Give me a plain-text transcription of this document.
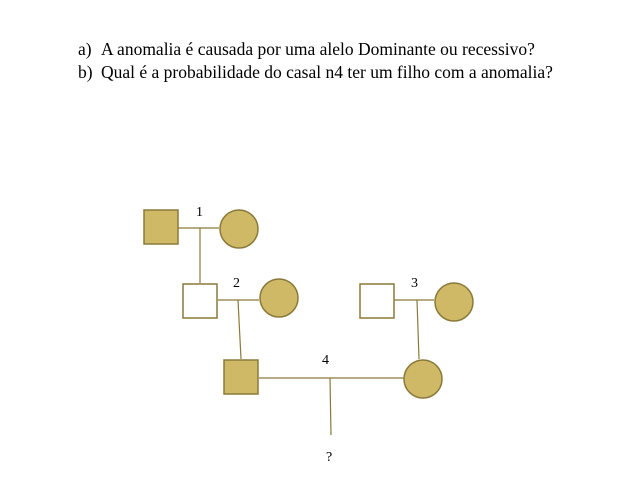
a) A anomalia é causada por uma alelo Dominante ou recessivo?
b) Qual é a probabilidade do casal n4 ter um filho com a anomalia?
1
2	3
4
?
